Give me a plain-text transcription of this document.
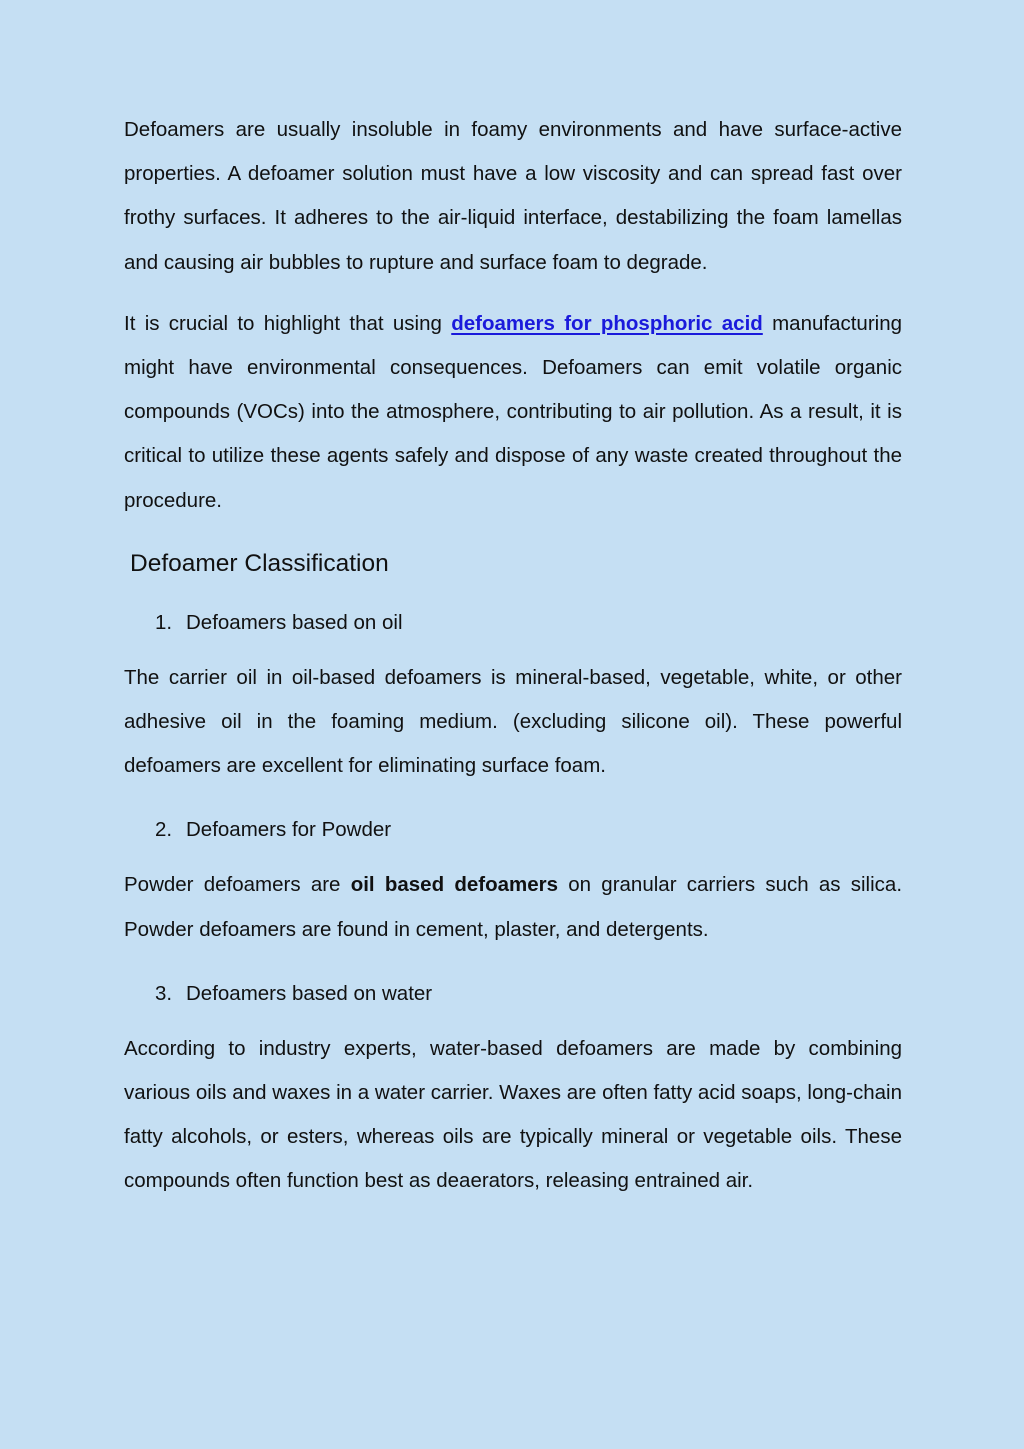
Defoamers are usually insoluble in foamy environments and have surface-active properties. A defoamer solution must have a low viscosity and can spread fast over frothy surfaces. It adheres to the air-liquid interface, destabilizing the foam lamellas and causing air bubbles to rupture and surface foam to degrade.

It is crucial to highlight that using defoamers for phosphoric acid manufacturing might have environmental consequences. Defoamers can emit volatile organic compounds (VOCs) into the atmosphere, contributing to air pollution. As a result, it is critical to utilize these agents safely and dispose of any waste created throughout the procedure.

Defoamer Classification
1. Defoamers based on oil

The carrier oil in oil-based defoamers is mineral-based, vegetable, white, or other adhesive oil in the foaming medium. (excluding silicone oil). These powerful defoamers are excellent for eliminating surface foam.

2. Defoamers for Powder

Powder defoamers are oil based defoamers on granular carriers such as silica. Powder defoamers are found in cement, plaster, and detergents.

3. Defoamers based on water

According to industry experts, water-based defoamers are made by combining various oils and waxes in a water carrier. Waxes are often fatty acid soaps, long-chain fatty alcohols, or esters, whereas oils are typically mineral or vegetable oils. These compounds often function best as deaerators, releasing entrained air.
